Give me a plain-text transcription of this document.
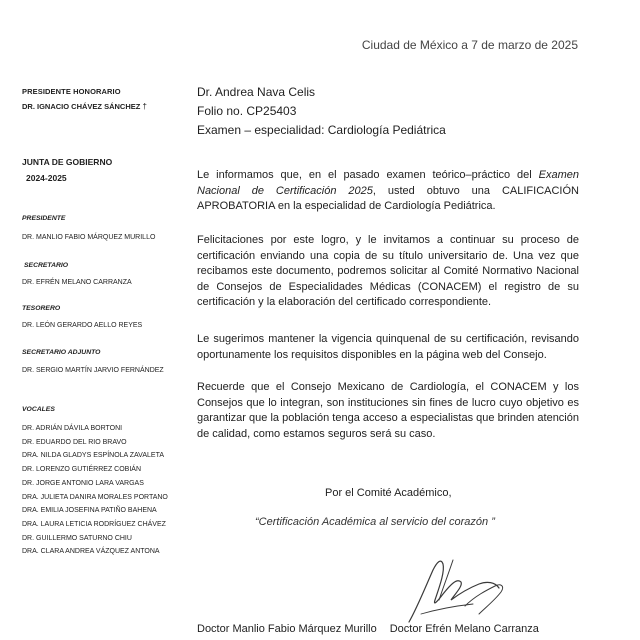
Ciudad de México a 7 de marzo de 2025
PRESIDENTE HONORARIO
DR. IGNACIO CHÁVEZ SÁNCHEZ †
JUNTA DE GOBIERNO
2024-2025
PRESIDENTE
DR. MANLIO FABIO MÁRQUEZ MURILLO
SECRETARIO
DR. EFRÉN MELANO CARRANZA
TESORERO
DR. LEÓN GERARDO AELLO REYES
SECRETARIO ADJUNTO
DR. SERGIO MARTÍN JARVIO FERNÁNDEZ
VOCALES
DR. ADRIÁN DÁVILA BORTONI
DR. EDUARDO DEL RIO BRAVO
DRA. NILDA GLADYS ESPÍNOLA ZAVALETA
DR. LORENZO GUTIÉRREZ COBIÁN
DR. JORGE ANTONIO LARA VARGAS
DRA. JULIETA DANIRA MORALES PORTANO
DRA. EMILIA JOSEFINA PATIÑO BAHENA
DRA. LAURA LETICIA RODRÍGUEZ CHÁVEZ
DR. GUILLERMO SATURNO CHIU
DRA. CLARA ANDREA VÁZQUEZ ANTONA
Dr. Andrea Nava Celis
Folio no. CP25403
Examen – especialidad: Cardiología Pediátrica
Le informamos que, en el pasado examen teórico–práctico del Examen Nacional de Certificación 2025, usted obtuvo una CALIFICACIÓN APROBATORIA en la especialidad de Cardiología Pediátrica.
Felicitaciones por este logro, y le invitamos a continuar su proceso de certificación enviando una copia de su título universitario de. Una vez que recibamos este documento, podremos solicitar al Comité Normativo Nacional de Consejos de Especialidades Médicas (CONACEM) el registro de su certificación y la elaboración del certificado correspondiente.
Le sugerimos mantener la vigencia quinquenal de su certificación, revisando oportunamente los requisitos disponibles en la página web del Consejo.
Recuerde que el Consejo Mexicano de Cardiología, el CONACEM y los Consejos que lo integran, son instituciones sin fines de lucro cuyo objetivo es garantizar que la población tenga acceso a especialistas que brinden atención de calidad, como estamos seguros será su caso.
Por el Comité Académico,
“Certificación Académica al servicio del corazón ”
Doctor Manlio Fabio Márquez Murillo Doctor Efrén Melano Carranza
